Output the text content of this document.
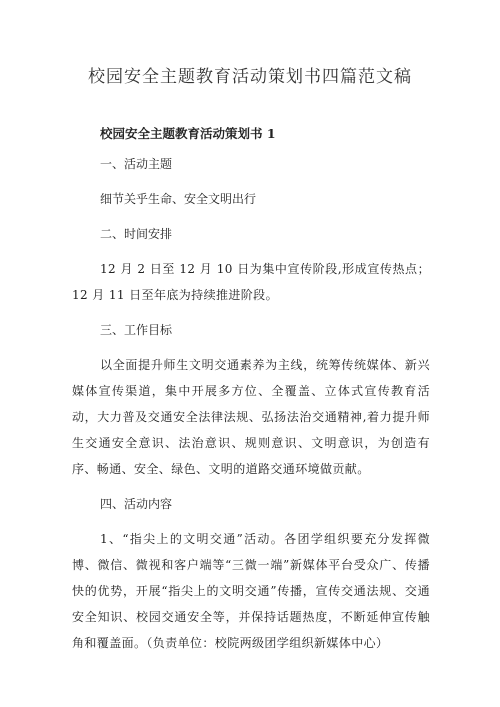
校园安全主题教育活动策划书四篇范文稿
校园安全主题教育活动策划书 1
一、活动主题
细节关乎生命、安全文明出行
二、时间安排
12 月 2 日至 12 月 10 日为集中宣传阶段,形成宣传热点；12 月 11 日至年底为持续推进阶段。
三、工作目标
以全面提升师生文明交通素养为主线，统筹传统媒体、新兴媒体宣传渠道，集中开展多方位、全覆盖、立体式宣传教育活动，大力普及交通安全法律法规、弘扬法治交通精神,着力提升师生交通安全意识、法治意识、规则意识、文明意识，为创造有序、畅通、安全、绿色、文明的道路交通环境做贡献。
四、活动内容
1、“指尖上的文明交通”活动。各团学组织要充分发挥微博、微信、微视和客户端等“三微一端”新媒体平台受众广、传播快的优势，开展“指尖上的文明交通”传播，宣传交通法规、交通安全知识、校园交通安全等，并保持话题热度，不断延伸宣传触角和覆盖面。（负责单位：校院两级团学组织新媒体中心）
